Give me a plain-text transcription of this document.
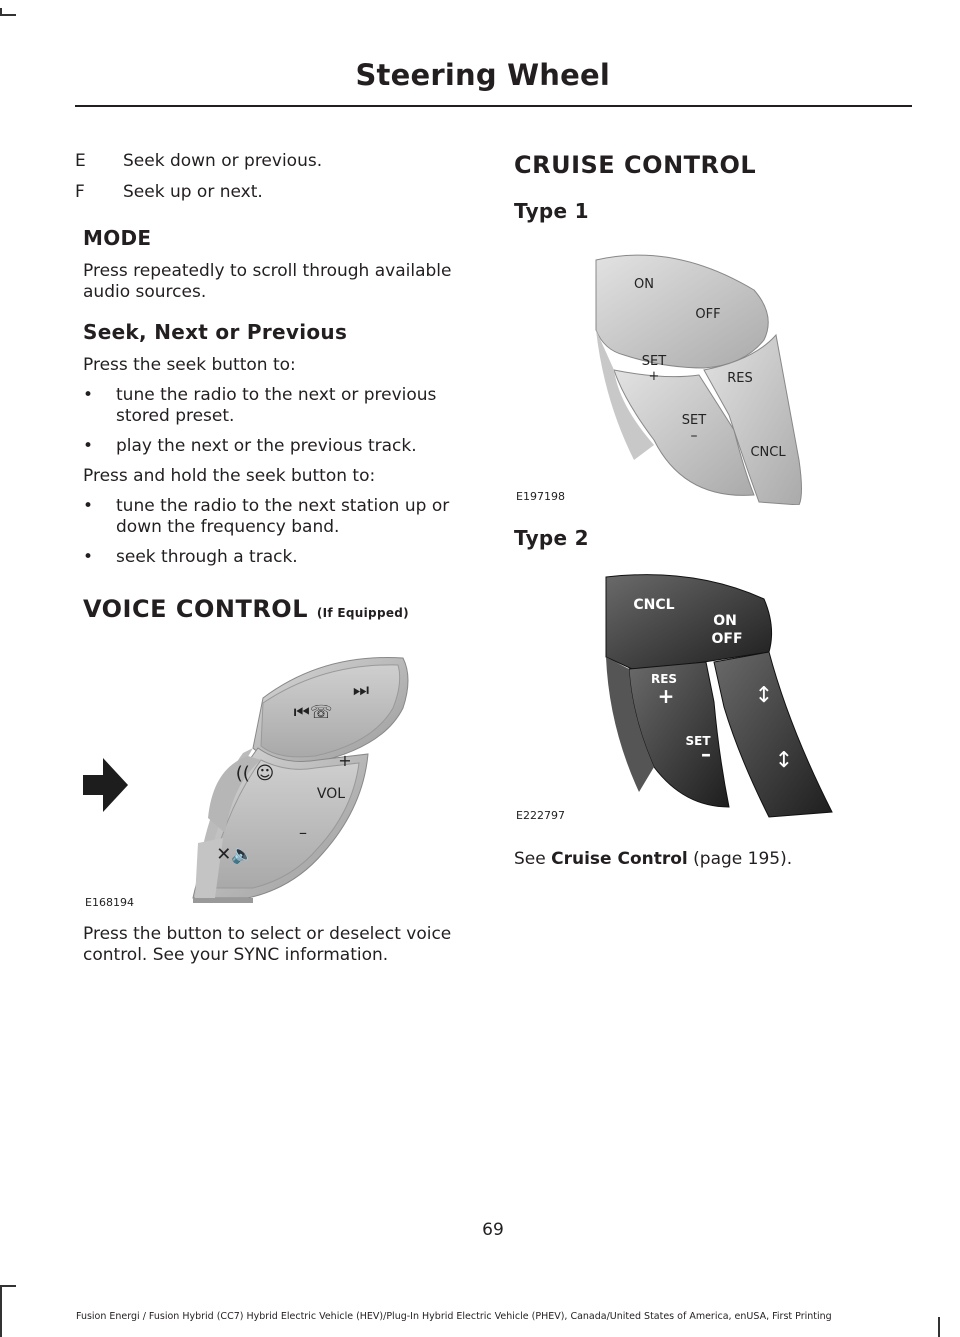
Steering Wheel
E	Seek down or previous.
F	Seek up or next.
MODE

Press repeatedly to scroll through available audio sources.

Seek, Next or Previous

Press the seek button to:

• tune the radio to the next or previous stored preset.
• play the next or the previous track.

Press and hold the seek button to:

• tune the radio to the next station up or down the frequency band.
• seek through a track.
VOICE CONTROL (If Equipped)
⏮☏
⏭
(( ☺
✕🔈
+
VOL
–
E168194

Press the button to select or deselect voice control. See your SYNC information.

CRUISE CONTROL
Type 1
ON
OFF
SET
+	RES
SET
–
CNCL
E197198
Type 2
CNCL
ON
OFF
RES
+
SET
–
↕
↕
E222797
See Cruise Control (page 195).
69
Fusion Energi / Fusion Hybrid (CC7) Hybrid Electric Vehicle (HEV)/Plug-In Hybrid Electric Vehicle (PHEV), Canada/United States of America, enUSA, First Printing
